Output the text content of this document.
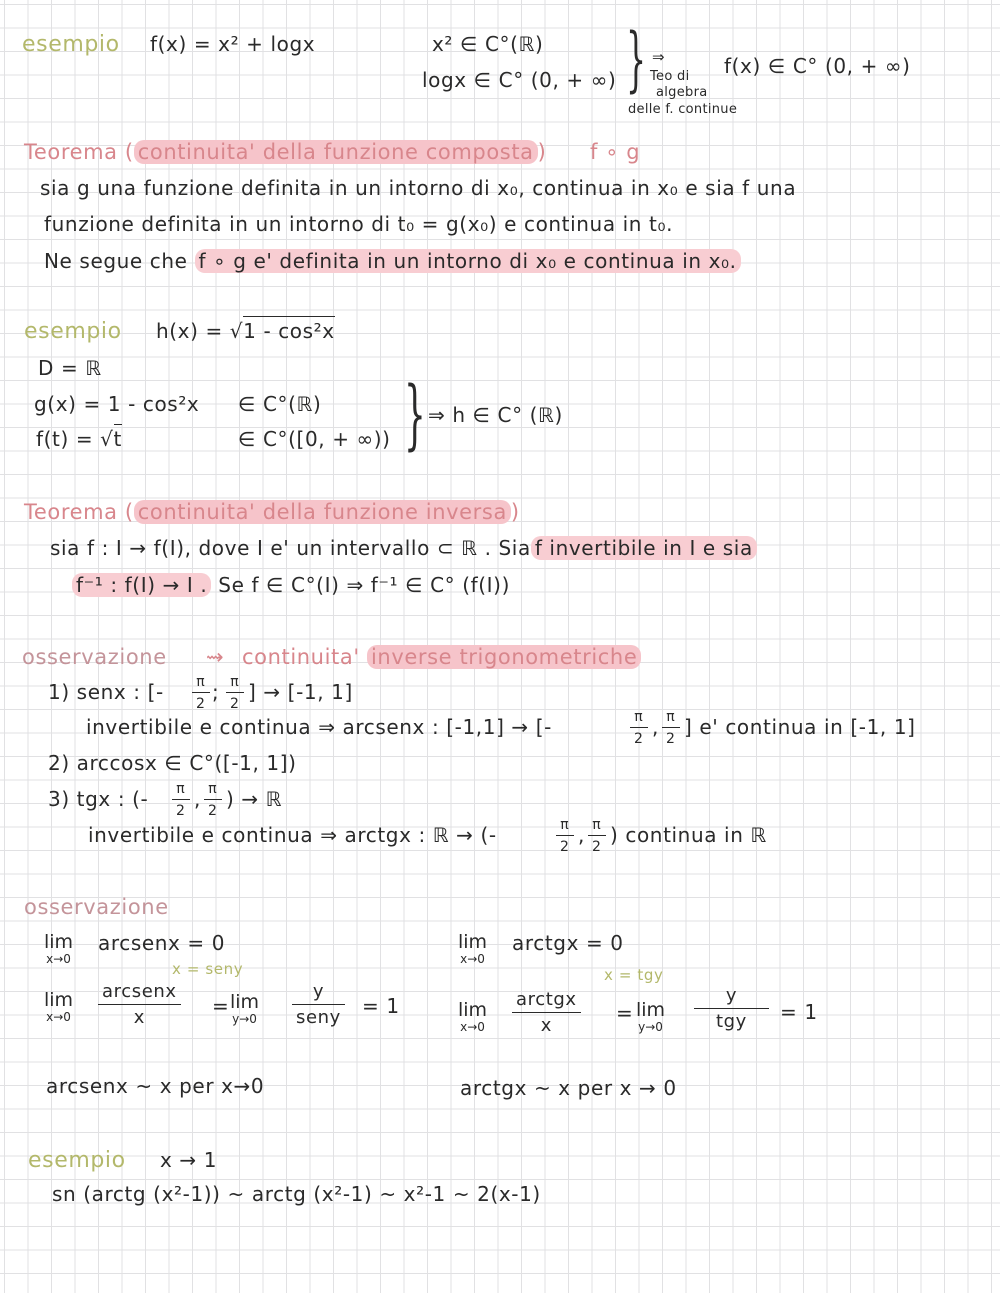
esempio f(x) = x² + logx	x² ∈ C°(ℝ)
logx ∈ C° (0, + ∞) } ⇒
Teo di
algebra
delle f. continue
f(x) ∈ C° (0, + ∞)
Teorema ( continuita' della funzione composta ) f ∘ g
sia g una funzione definita in un intorno di x₀, continua in x₀ e sia f una
funzione definita in un intorno di t₀ = g(x₀) e continua in t₀.
Ne segue che f ∘ g e' definita in un intorno di x₀ e continua in x₀.
esempio h(x) = √1 - cos²x
D = ℝ
g(x) = 1 - cos²x ∈ C°(ℝ)
f(t) = √t	∈ C°([0, + ∞)) } ⇒ h ∈ C° (ℝ)
Teorema ( continuita' della funzione inversa )
sia f : I → f(I), dove I e' un intervallo ⊂ ℝ . Sia f invertibile in I e sia
f⁻¹ : f(I) → I . Se f ∈ C°(I) ⇒ f⁻¹ ∈ C° (f(I))
osservazione ⇝ continuita' inverse trigonometriche
1) senx : [- $\frac{\pi}{2}$ ; $\frac{\pi}{2}$ ] → [-1, 1]
invertibile e continua ⇒ arcsenx : [-1,1] → [-	$\frac{\pi}{2}$ , $\frac{\pi}{2}$ ] e' continua in [-1, 1]
2) arccosx ∈ C°([-1, 1])
3) tgx : (- $\frac{\pi}{2}$ , $\frac{\pi}{2}$ ) → ℝ
invertibile e continua ⇒ arctgx : ℝ → (-	$\frac{\pi}{2}$ , $\frac{\pi}{2}$ ) continua in ℝ
osservazione
lim
x→0
arcsenx = 0
x = seny
lim
x→0
arcsenx
x	= lim
y→0
y
seny = 1
arcsenx ~ x per x→0
lim
x→0
arctgx = 0
x = tgy
lim
x→0
arctgx
x
= lim
y→0
y
tgy	= 1
arctgx ~ x per x → 0
esempio x → 1
sn (arctg (x²-1)) ~ arctg (x²-1) ~ x²-1 ~ 2(x-1)
